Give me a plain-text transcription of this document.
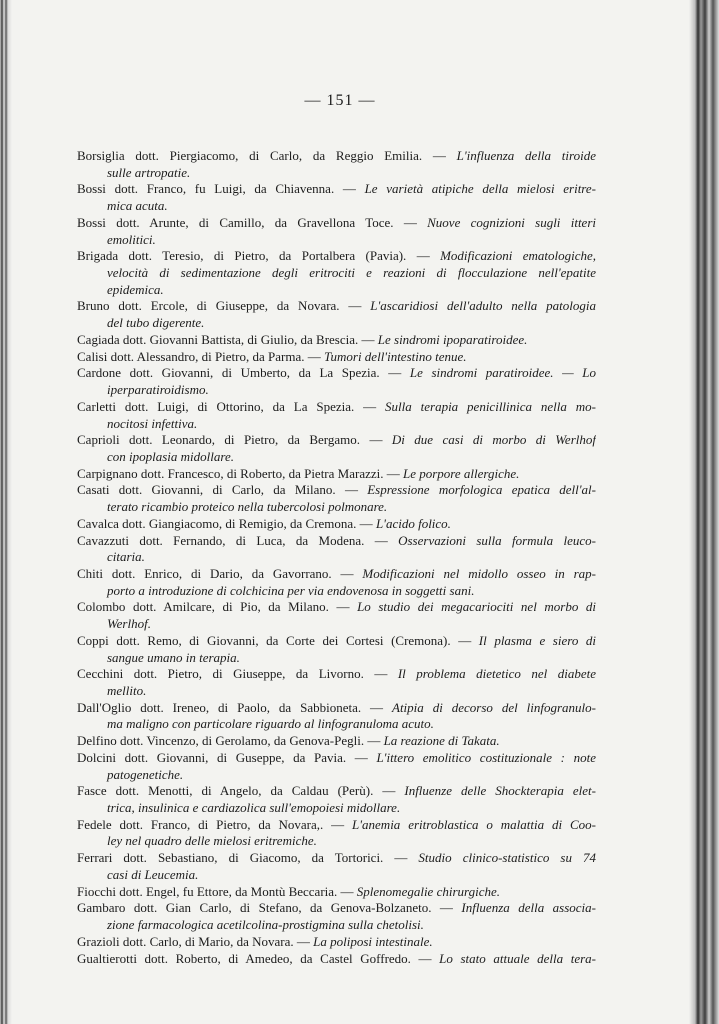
— 151 —
Borsiglia dott. Piergiacomo, di Carlo, da Reggio Emilia. — L'influenza della tiroide
sulle artropatie.
Bossi dott. Franco, fu Luigi, da Chiavenna. — Le varietà atipiche della mielosi eritre-
mica acuta.
Bossi dott. Arunte, di Camillo, da Gravellona Toce. — Nuove cognizioni sugli itteri
emolitici.
Brigada dott. Teresio, di Pietro, da Portalbera (Pavia). — Modificazioni ematologiche,
velocità di sedimentazione degli eritrociti e reazioni di flocculazione nell'epatite
epidemica.
Bruno dott. Ercole, di Giuseppe, da Novara. — L'ascaridiosi dell'adulto nella patologia
del tubo digerente.
Cagiada dott. Giovanni Battista, di Giulio, da Brescia. — Le sindromi ipoparatiroidee.
Calisi dott. Alessandro, di Pietro, da Parma. — Tumori dell'intestino tenue.
Cardone dott. Giovanni, di Umberto, da La Spezia. — Le sindromi paratiroidee. — Lo
iperparatiroidismo.
Carletti dott. Luigi, di Ottorino, da La Spezia. — Sulla terapia penicillinica nella mo-
nocitosi infettiva.
Caprioli dott. Leonardo, di Pietro, da Bergamo. — Di due casi di morbo di Werlhof
con ipoplasia midollare.
Carpignano dott. Francesco, di Roberto, da Pietra Marazzi. — Le porpore allergiche.
Casati dott. Giovanni, di Carlo, da Milano. — Espressione morfologica epatica dell'al-
terato ricambio proteico nella tubercolosi polmonare.
Cavalca dott. Giangiacomo, di Remigio, da Cremona. — L'acido folico.
Cavazzuti dott. Fernando, di Luca, da Modena. — Osservazioni sulla formula leuco-
citaria.
Chiti dott. Enrico, di Dario, da Gavorrano. — Modificazioni nel midollo osseo in rap-
porto a introduzione di colchicina per via endovenosa in soggetti sani.
Colombo dott. Amilcare, di Pio, da Milano. — Lo studio dei megacariociti nel morbo di
Werlhof.
Coppi dott. Remo, di Giovanni, da Corte dei Cortesi (Cremona). — Il plasma e siero di
sangue umano in terapia.
Cecchini dott. Pietro, di Giuseppe, da Livorno. — Il problema dietetico nel diabete
mellito.
Dall'Oglio dott. Ireneo, di Paolo, da Sabbioneta. — Atipia di decorso del linfogranulo-
ma maligno con particolare riguardo al linfogranuloma acuto.
Delfino dott. Vincenzo, di Gerolamo, da Genova-Pegli. — La reazione di Takata.
Dolcini dott. Giovanni, di Guseppe, da Pavia. — L'ittero emolitico costituzionale : note
patogenetiche.
Fasce dott. Menotti, di Angelo, da Caldau (Perù). — Influenze delle Shockterapia elet-
trica, insulinica e cardiazolica sull'emopoiesi midollare.
Fedele dott. Franco, di Pietro, da Novara,. — L'anemia eritroblastica o malattia di Coo-
ley nel quadro delle mielosi eritremiche.
Ferrari dott. Sebastiano, di Giacomo, da Tortorici. — Studio clinico-statistico su 74
casi di Leucemia.
Fiocchi dott. Engel, fu Ettore, da Montù Beccaria. — Splenomegalie chirurgiche.
Gambaro dott. Gian Carlo, di Stefano, da Genova-Bolzaneto. — Influenza della associa-
zione farmacologica acetilcolina-prostigmina sulla chetolisi.
Grazioli dott. Carlo, di Mario, da Novara. — La poliposi intestinale.
Gualtierotti dott. Roberto, di Amedeo, da Castel Goffredo. — Lo stato attuale della tera-
